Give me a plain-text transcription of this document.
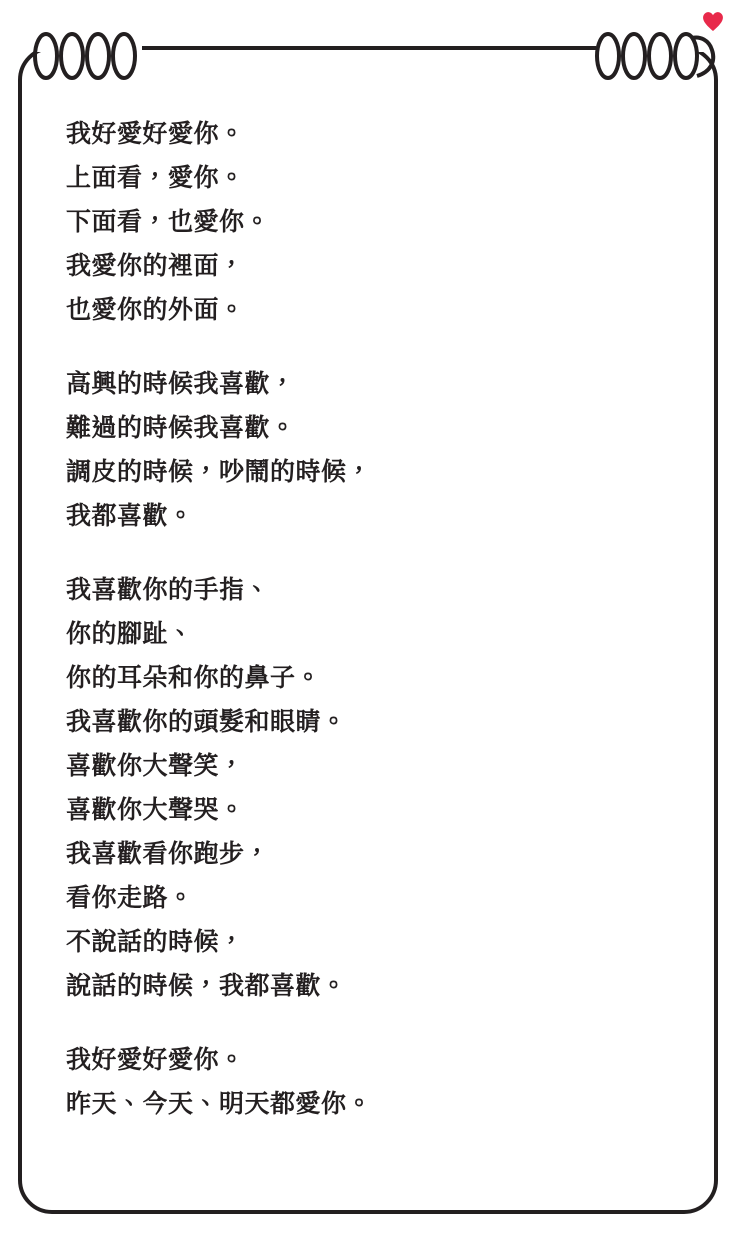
我好愛好愛你。
上面看，愛你。
下面看，也愛你。
我愛你的裡面，
也愛你的外面。
高興的時候我喜歡，
難過的時候我喜歡。
調皮的時候，吵鬧的時候，
我都喜歡。
我喜歡你的手指、
你的腳趾、
你的耳朵和你的鼻子。
我喜歡你的頭髮和眼睛。
喜歡你大聲笑，
喜歡你大聲哭。
我喜歡看你跑步，
看你走路。
不說話的時候，
說話的時候，我都喜歡。
我好愛好愛你。
昨天、今天、明天都愛你。
